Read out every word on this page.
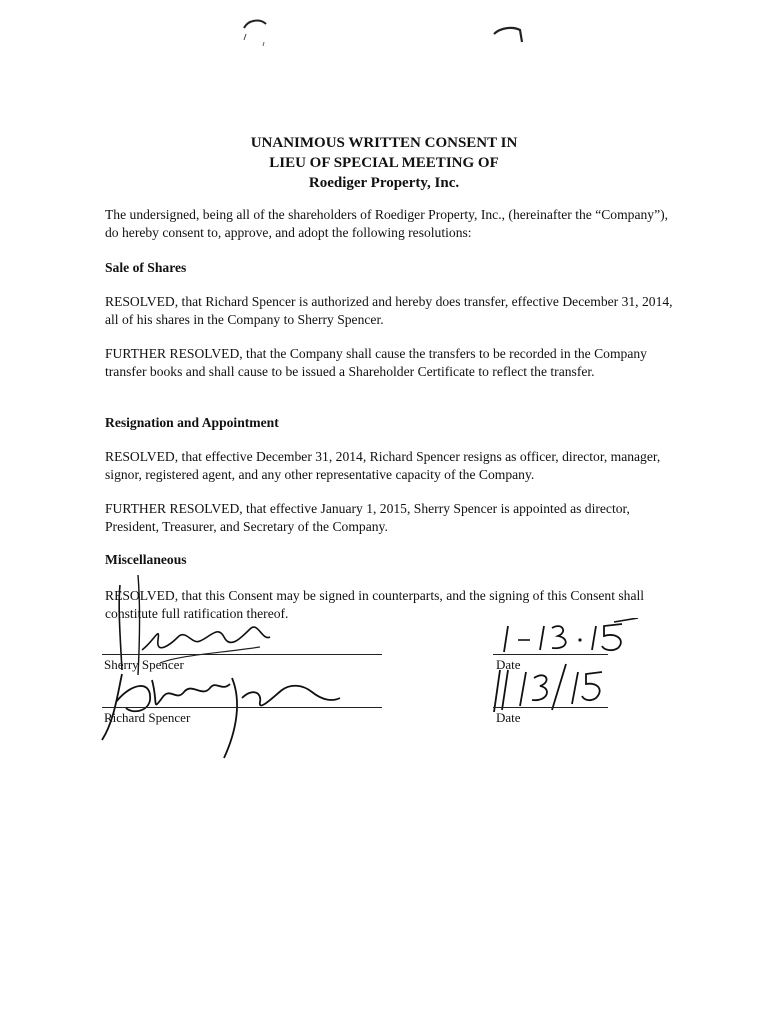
UNANIMOUS WRITTEN CONSENT IN
LIEU OF SPECIAL MEETING OF
Roediger Property, Inc.
The undersigned, being all of the shareholders of Roediger Property, Inc., (hereinafter the “Company”), do hereby consent to, approve, and adopt the following resolutions:
Sale of Shares
RESOLVED, that Richard Spencer is authorized and hereby does transfer, effective December 31, 2014, all of his shares in the Company to Sherry Spencer.
FURTHER RESOLVED, that the Company shall cause the transfers to be recorded in the Company transfer books and shall cause to be issued a Shareholder Certificate to reflect the transfer.
Resignation and Appointment
RESOLVED, that effective December 31, 2014, Richard Spencer resigns as officer, director, manager, signor, registered agent, and any other representative capacity of the Company.
FURTHER RESOLVED, that effective January 1, 2015, Sherry Spencer is appointed as director, President, Treasurer, and Secretary of the Company.
Miscellaneous
RESOLVED, that this Consent may be signed in counterparts, and the signing of this Consent shall constitute full ratification thereof.
Sherry Spencer	Date
Richard Spencer	Date
